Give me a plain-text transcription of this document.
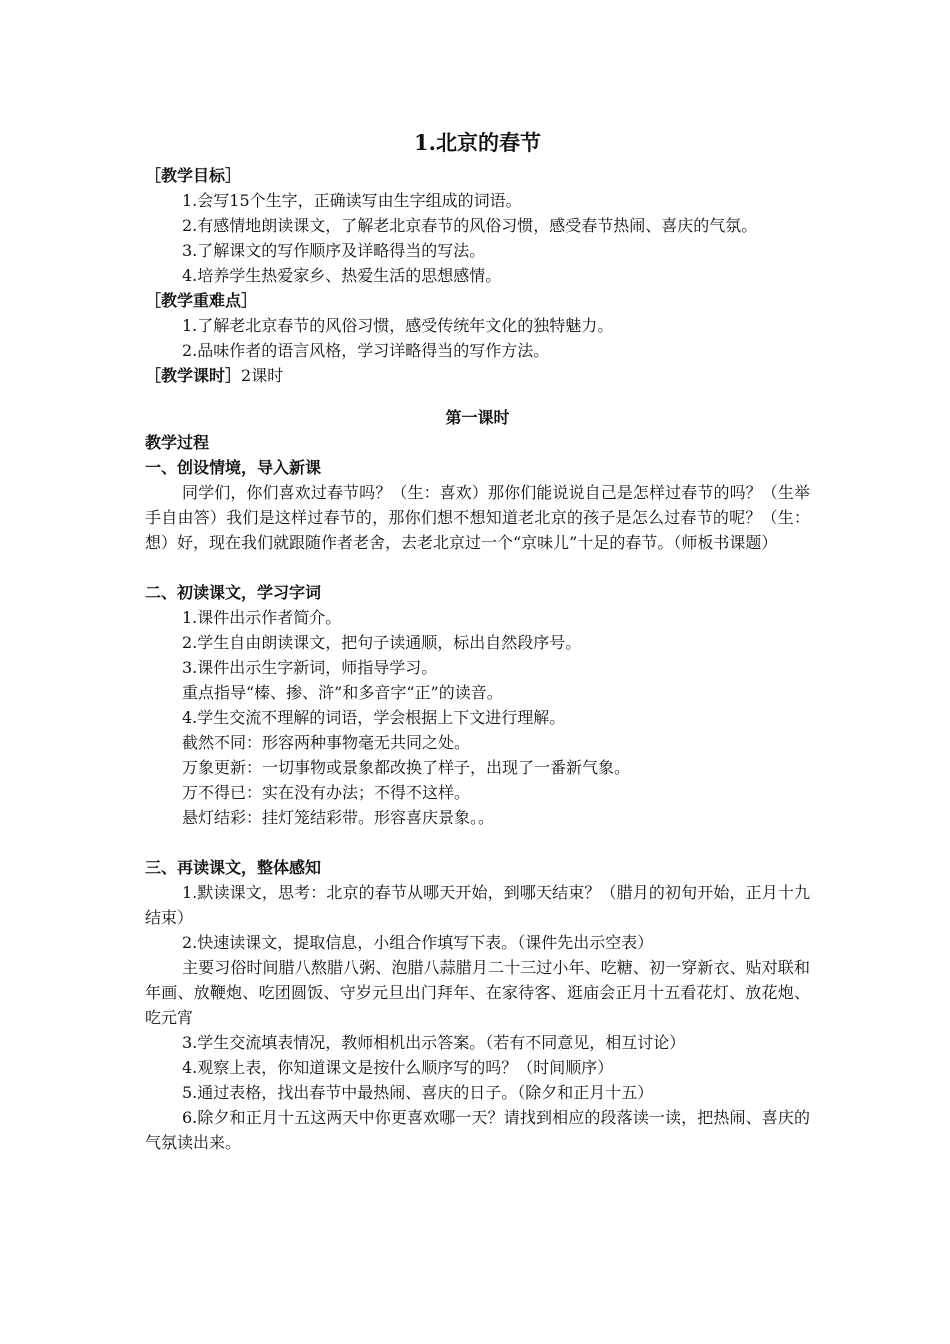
1.北京的春节
［教学目标］
1.会写15个生字，正确读写由生字组成的词语。
2.有感情地朗读课文，了解老北京春节的风俗习惯，感受春节热闹、喜庆的气氛。
3.了解课文的写作顺序及详略得当的写法。
4.培养学生热爱家乡、热爱生活的思想感情。
［教学重难点］
1.了解老北京春节的风俗习惯，感受传统年文化的独特魅力。
2.品味作者的语言风格，学习详略得当的写作方法。
［教学课时］2课时
第一课时
教学过程
一、创设情境，导入新课
同学们，你们喜欢过春节吗？（生：喜欢）那你们能说说自己是怎样过春节的吗？（生举手自由答）我们是这样过春节的，那你们想不想知道老北京的孩子是怎么过春节的呢？（生：想）好，现在我们就跟随作者老舍，去老北京过一个“京味儿”十足的春节。（师板书课题）
二、初读课文，学习字词
1.课件出示作者简介。
2.学生自由朗读课文，把句子读通顺，标出自然段序号。
3.课件出示生字新词，师指导学习。
重点指导“榛、掺、浒”和多音字“正”的读音。
4.学生交流不理解的词语，学会根据上下文进行理解。
截然不同：形容两种事物毫无共同之处。
万象更新：一切事物或景象都改换了样子，出现了一番新气象。
万不得已：实在没有办法；不得不这样。
悬灯结彩：挂灯笼结彩带。形容喜庆景象。。
三、再读课文，整体感知
1.默读课文，思考：北京的春节从哪天开始，到哪天结束？（腊月的初旬开始，正月十九结束）
2.快速读课文，提取信息，小组合作填写下表。（课件先出示空表）
主要习俗时间腊八熬腊八粥、泡腊八蒜腊月二十三过小年、吃糖、初一穿新衣、贴对联和年画、放鞭炮、吃团圆饭、守岁元旦出门拜年、在家待客、逛庙会正月十五看花灯、放花炮、吃元宵
3.学生交流填表情况，教师相机出示答案。（若有不同意见，相互讨论）
4.观察上表，你知道课文是按什么顺序写的吗？（时间顺序）
5.通过表格，找出春节中最热闹、喜庆的日子。（除夕和正月十五）
6.除夕和正月十五这两天中你更喜欢哪一天？请找到相应的段落读一读，把热闹、喜庆的气氛读出来。
